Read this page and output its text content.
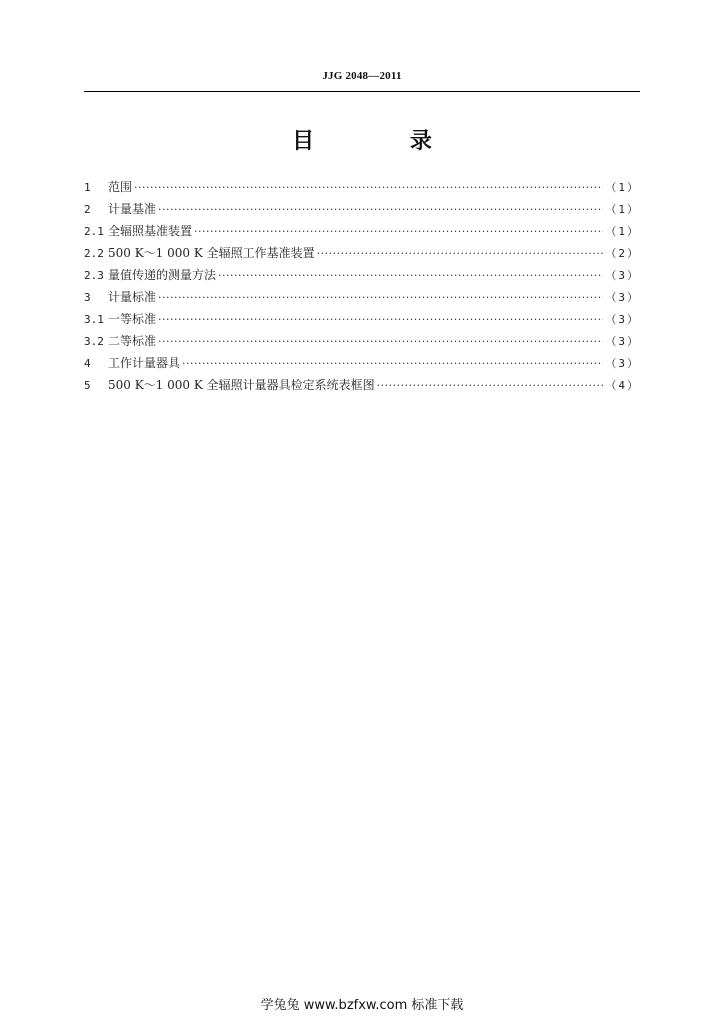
JJG 2048—2011
目 录
1	范围 ·····	（1）
2	计量基准 ·····	（1）
2.1 全辐照基准装置 ·····	（1）
2.2 500 K～1 000 K 全辐照工作基准装置 ·····	（2）
2.3 量值传递的测量方法 ·····	（3）
3	计量标准 ·····	（3）
3.1 一等标准 ·····	（3）
3.2 二等标准 ·····	（3）
4	工作计量器具 ·····	（3）
5	500 K～1 000 K 全辐照计量器具检定系统表框图 ·····	（4）
学兔兔 www.bzfxw.com 标准下载
